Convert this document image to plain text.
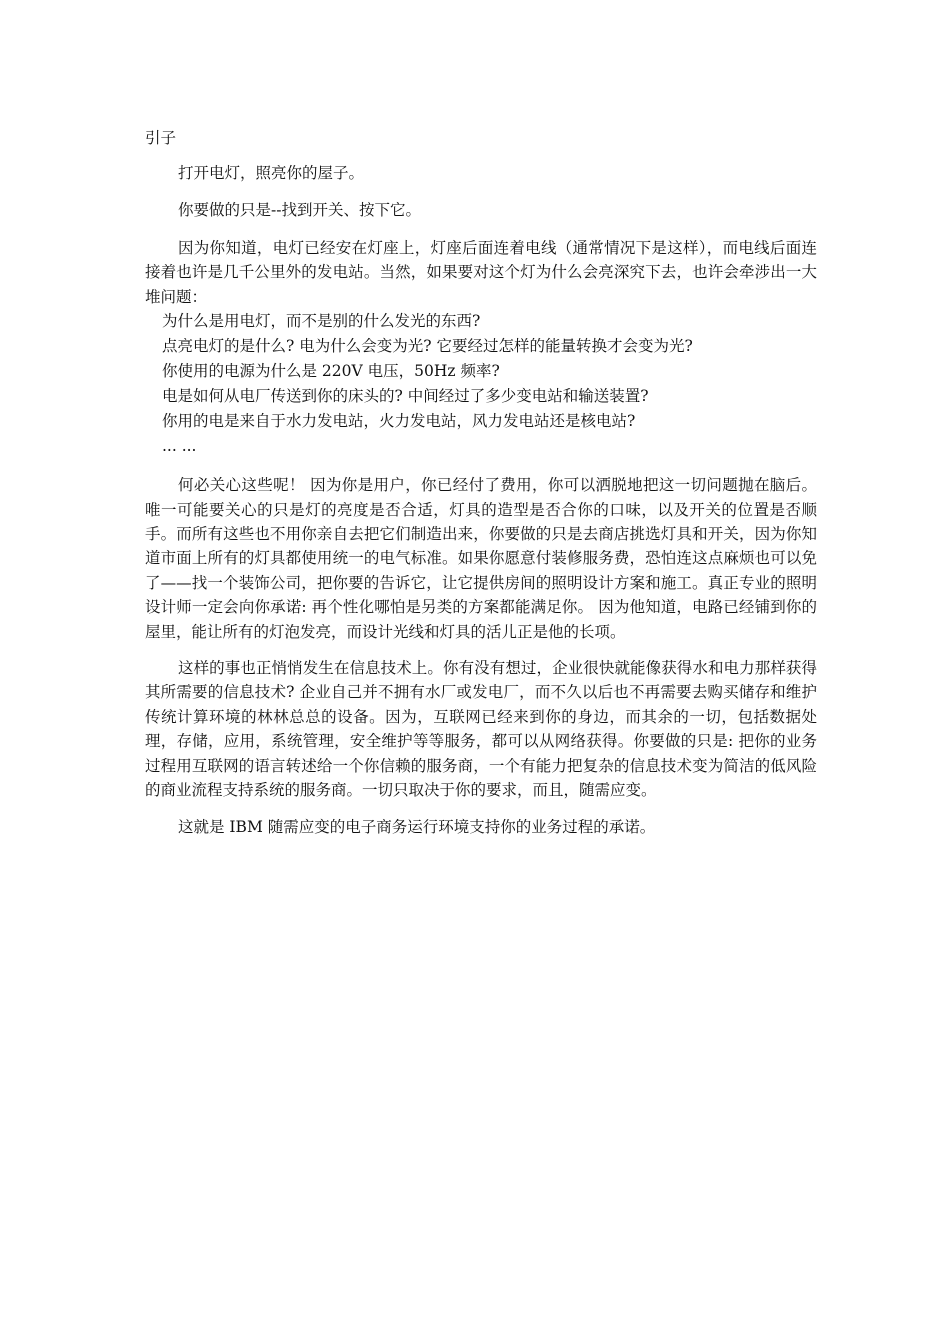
引子

打开电灯，照亮你的屋子。

你要做的只是--找到开关、按下它。

因为你知道，电灯已经安在灯座上，灯座后面连着电线（通常情况下是这样），而电线后面连接着也许是几千公里外的发电站。当然，如果要对这个灯为什么会亮深究下去，也许会牵涉出一大堆问题：

为什么是用电灯，而不是别的什么发光的东西?
点亮电灯的是什么? 电为什么会变为光? 它要经过怎样的能量转换才会变为光?
你使用的电源为什么是 220V 电压，50Hz 频率?
电是如何从电厂传送到你的床头的? 中间经过了多少变电站和输送装置?
你用的电是来自于水力发电站，火力发电站，风力发电站还是核电站?
... ...

何必关心这些呢！ 因为你是用户，你已经付了费用，你可以洒脱地把这一切问题抛在脑后。唯一可能要关心的只是灯的亮度是否合适，灯具的造型是否合你的口味，以及开关的位置是否顺手。而所有这些也不用你亲自去把它们制造出来，你要做的只是去商店挑选灯具和开关，因为你知道市面上所有的灯具都使用统一的电气标准。如果你愿意付装修服务费，恐怕连这点麻烦也可以免了——找一个装饰公司，把你要的告诉它，让它提供房间的照明设计方案和施工。真正专业的照明设计师一定会向你承诺: 再个性化哪怕是另类的方案都能满足你。 因为他知道，电路已经铺到你的屋里，能让所有的灯泡发亮，而设计光线和灯具的活儿正是他的长项。

这样的事也正悄悄发生在信息技术上。你有没有想过，企业很快就能像获得水和电力那样获得其所需要的信息技术? 企业自己并不拥有水厂或发电厂，而不久以后也不再需要去购买储存和维护传统计算环境的林林总总的设备。因为，互联网已经来到你的身边，而其余的一切，包括数据处理，存储，应用，系统管理，安全维护等等服务，都可以从网络获得。你要做的只是: 把你的业务过程用互联网的语言转述给一个你信赖的服务商，一个有能力把复杂的信息技术变为简洁的低风险的商业流程支持系统的服务商。一切只取决于你的要求，而且，随需应变。

这就是 IBM 随需应变的电子商务运行环境支持你的业务过程的承诺。
